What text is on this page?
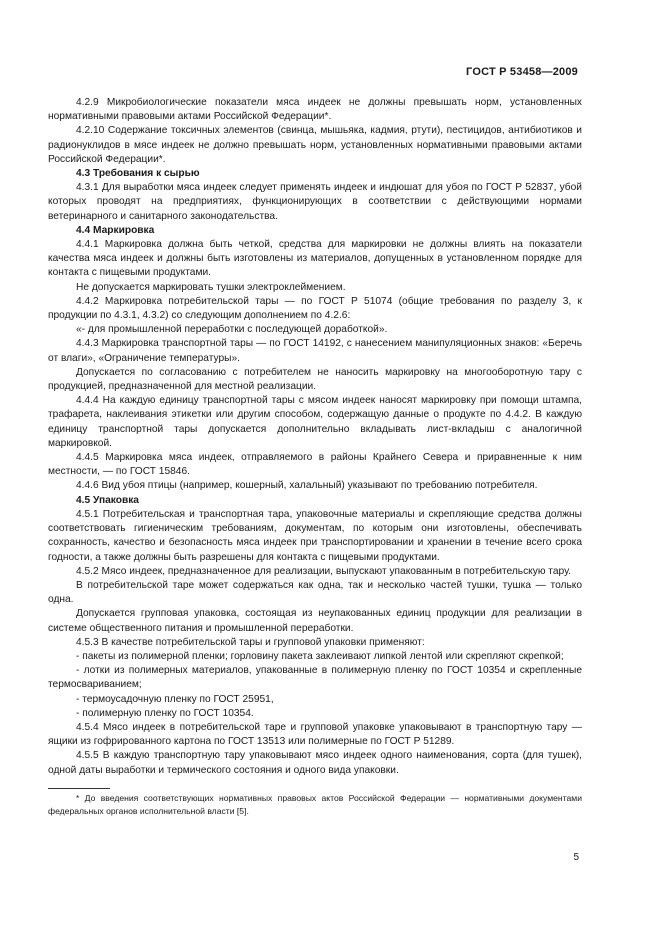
ГОСТ Р 53458—2009

4.2.9 Микробиологические показатели мяса индеек не должны превышать норм, установленных нормативными правовыми актами Российской Федерации*.

4.2.10 Содержание токсичных элементов (свинца, мышьяка, кадмия, ртути), пестицидов, антибиотиков и радионуклидов в мясе индеек не должно превышать норм, установленных нормативными правовыми актами Российской Федерации*.

4.3 Требования к сырью

4.3.1 Для выработки мяса индеек следует применять индеек и индюшат для убоя по ГОСТ Р 52837, убой которых проводят на предприятиях, функционирующих в соответствии с действующими нормами ветеринарного и санитарного законодательства.

4.4 Маркировка

4.4.1 Маркировка должна быть четкой, средства для маркировки не должны влиять на показатели качества мяса индеек и должны быть изготовлены из материалов, допущенных в установленном порядке для контакта с пищевыми продуктами.

Не допускается маркировать тушки электроклеймением.

4.4.2 Маркировка потребительской тары — по ГОСТ Р 51074 (общие требования по разделу 3, к продукции по 4.3.1, 4.3.2) со следующим дополнением по 4.2.6:

«- для промышленной переработки с последующей доработкой».

4.4.3 Маркировка транспортной тары — по ГОСТ 14192, с нанесением манипуляционных знаков: «Беречь от влаги», «Ограничение температуры».

Допускается по согласованию с потребителем не наносить маркировку на многооборотную тару с продукцией, предназначенной для местной реализации.

4.4.4 На каждую единицу транспортной тары с мясом индеек наносят маркировку при помощи штампа, трафарета, наклеивания этикетки или другим способом, содержащую данные о продукте по 4.4.2. В каждую единицу транспортной тары допускается дополнительно вкладывать лист-вкладыш с аналогичной маркировкой.

4.4.5 Маркировка мяса индеек, отправляемого в районы Крайнего Севера и приравненные к ним местности, — по ГОСТ 15846.

4.4.6 Вид убоя птицы (например, кошерный, халальный) указывают по требованию потребителя.

4.5 Упаковка

4.5.1 Потребительская и транспортная тара, упаковочные материалы и скрепляющие средства должны соответствовать гигиеническим требованиям, документам, по которым они изготовлены, обеспечивать сохранность, качество и безопасность мяса индеек при транспортировании и хранении в течение всего срока годности, а также должны быть разрешены для контакта с пищевыми продуктами.

4.5.2 Мясо индеек, предназначенное для реализации, выпускают упакованным в потребительскую тару.

В потребительской таре может содержаться как одна, так и несколько частей тушки, тушка — только одна.

Допускается групповая упаковка, состоящая из неупакованных единиц продукции для реализации в системе общественного питания и промышленной переработки.

4.5.3 В качестве потребительской тары и групповой упаковки применяют:

- пакеты из полимерной пленки; горловину пакета заклеивают липкой лентой или скрепляют скрепкой;

- лотки из полимерных материалов, упакованные в полимерную пленку по ГОСТ 10354 и скрепленные термосвариванием;

- термоусадочную пленку по ГОСТ 25951,

- полимерную пленку по ГОСТ 10354.

4.5.4 Мясо индеек в потребительской таре и групповой упаковке упаковывают в транспортную тару — ящики из гофрированного картона по ГОСТ 13513 или полимерные по ГОСТ Р 51289.

4.5.5 В каждую транспортную тару упаковывают мясо индеек одного наименования, сорта (для тушек), одной даты выработки и термического состояния и одного вида упаковки.

* До введения соответствующих нормативных правовых актов Российской Федерации — нормативными документами федеральных органов исполнительной власти [5].

5
